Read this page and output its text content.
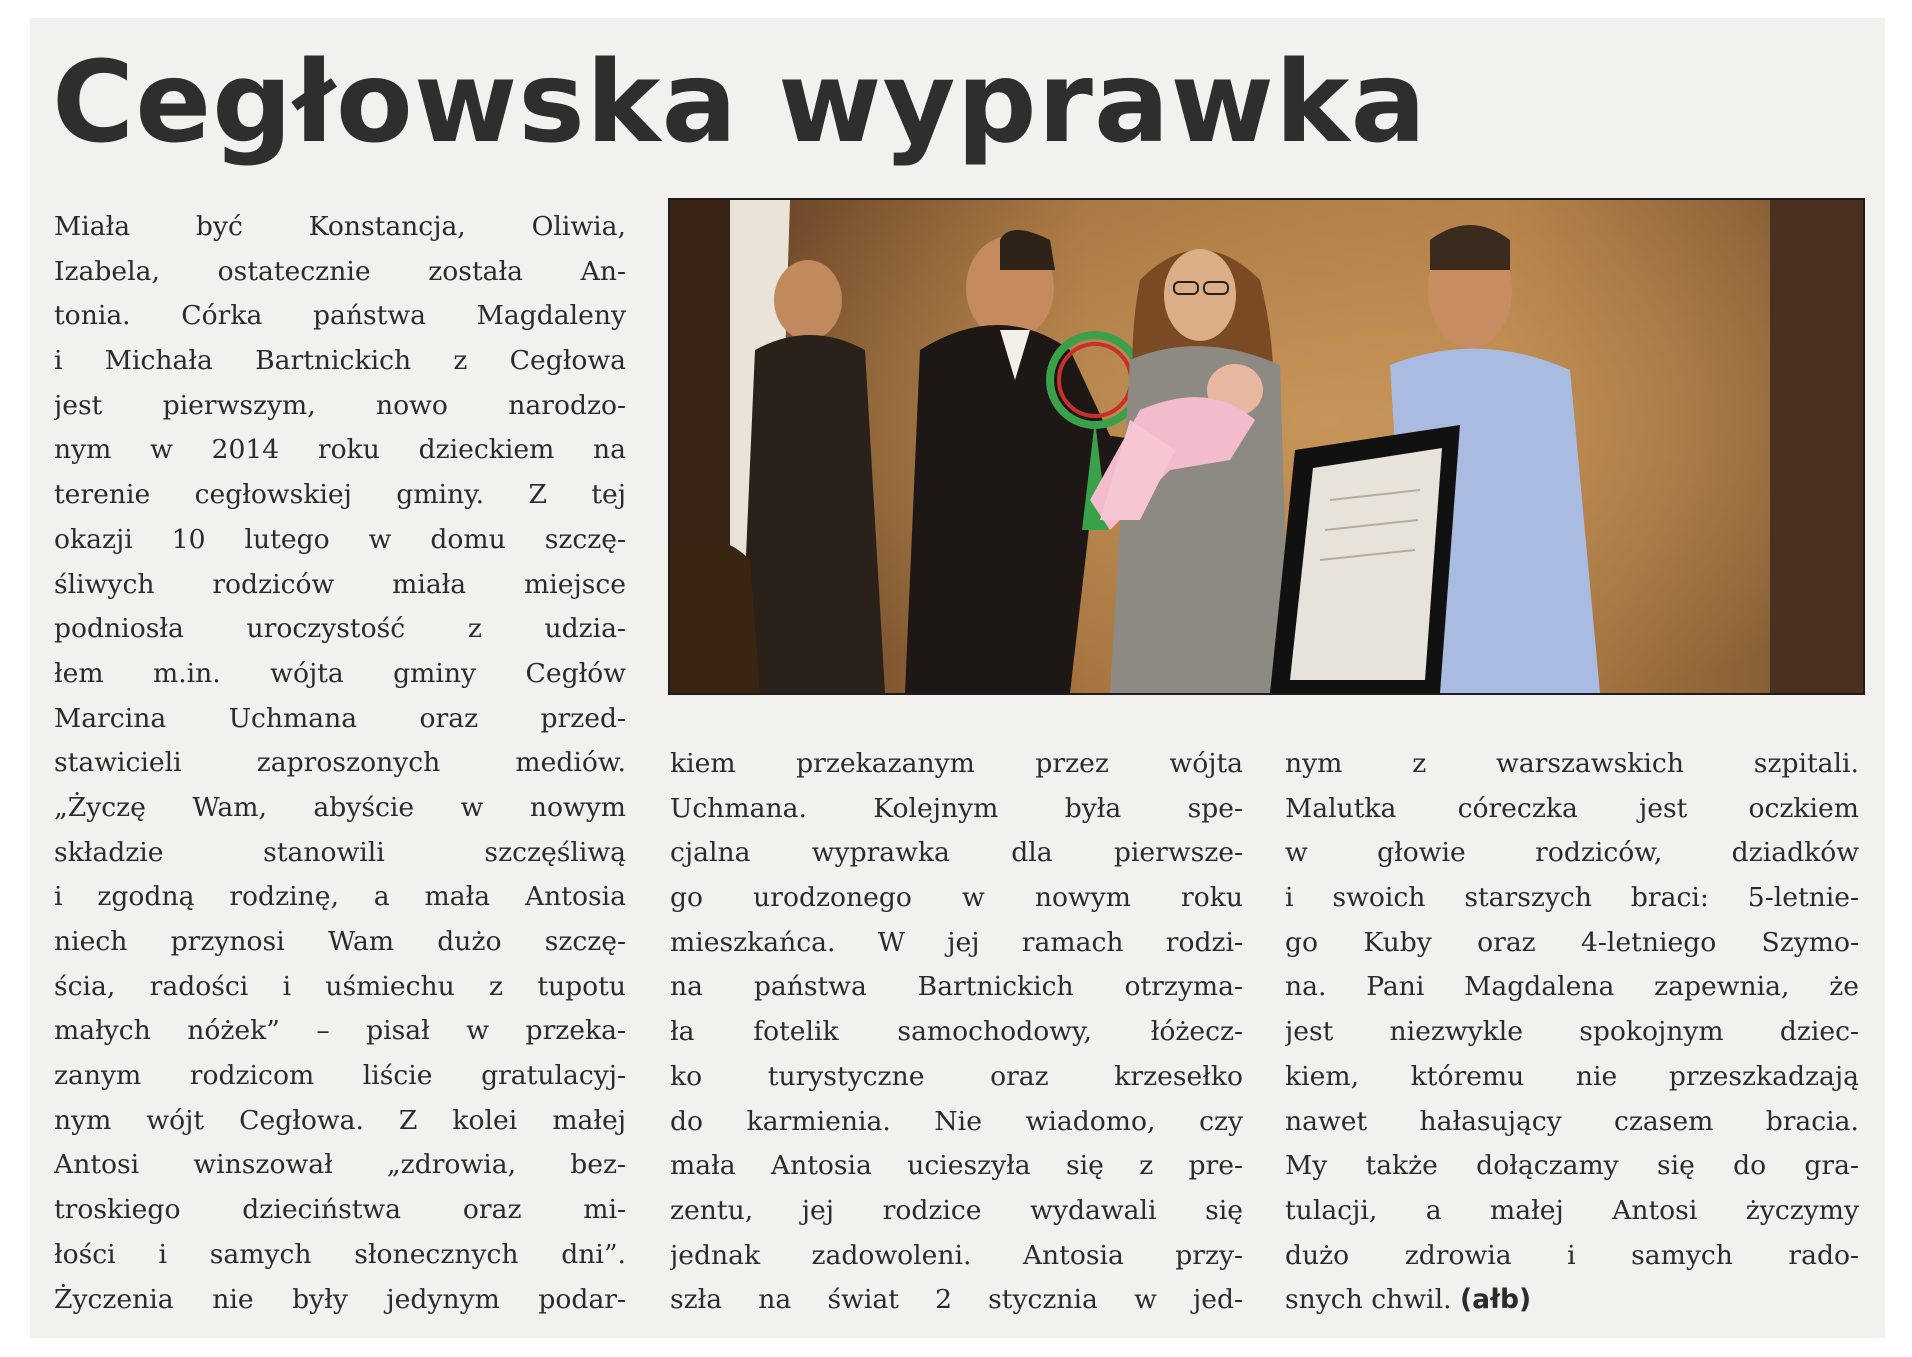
Cegłowska wyprawka
Miała być Konstancja, Oliwia,
Izabela, ostatecznie została An-
tonia. Córka państwa Magdaleny
i Michała Bartnickich z Cegłowa
jest pierwszym, nowo narodzo-
nym w 2014 roku dzieckiem na
terenie cegłowskiej gminy. Z tej
okazji 10 lutego w domu szczę-
śliwych rodziców miała miejsce
podniosła uroczystość z udzia-
łem m.in. wójta gminy Cegłów
Marcina Uchmana oraz przed-
stawicieli zaproszonych mediów.
„Życzę Wam, abyście w nowym
składzie stanowili szczęśliwą
i zgodną rodzinę, a mała Antosia
niech przynosi Wam dużo szczę-
ścia, radości i uśmiechu z tupotu
małych nóżek” – pisał w przeka-
zanym rodzicom liście gratulacyj-
nym wójt Cegłowa. Z kolei małej
Antosi winszował „zdrowia, bez-
troskiego dzieciństwa oraz mi-
łości i samych słonecznych dni”.
Życzenia nie były jedynym podar-
kiem przekazanym przez wójta
Uchmana. Kolejnym była spe-
cjalna wyprawka dla pierwsze-
go urodzonego w nowym roku
mieszkańca. W jej ramach rodzi-
na państwa Bartnickich otrzyma-
ła fotelik samochodowy, łóżecz-
ko turystyczne oraz krzesełko
do karmienia. Nie wiadomo, czy
mała Antosia ucieszyła się z pre-
zentu, jej rodzice wydawali się
jednak zadowoleni. Antosia przy-
szła na świat 2 stycznia w jed-
nym z warszawskich szpitali.
Malutka córeczka jest oczkiem
w głowie rodziców, dziadków
i swoich starszych braci: 5-letnie-
go Kuby oraz 4-letniego Szymo-
na. Pani Magdalena zapewnia, że
jest niezwykle spokojnym dziec-
kiem, któremu nie przeszkadzają
nawet hałasujący czasem bracia.
My także dołączamy się do gra-
tulacji, a małej Antosi życzymy
dużo zdrowia i samych rado-
snych chwil. (ałb)
